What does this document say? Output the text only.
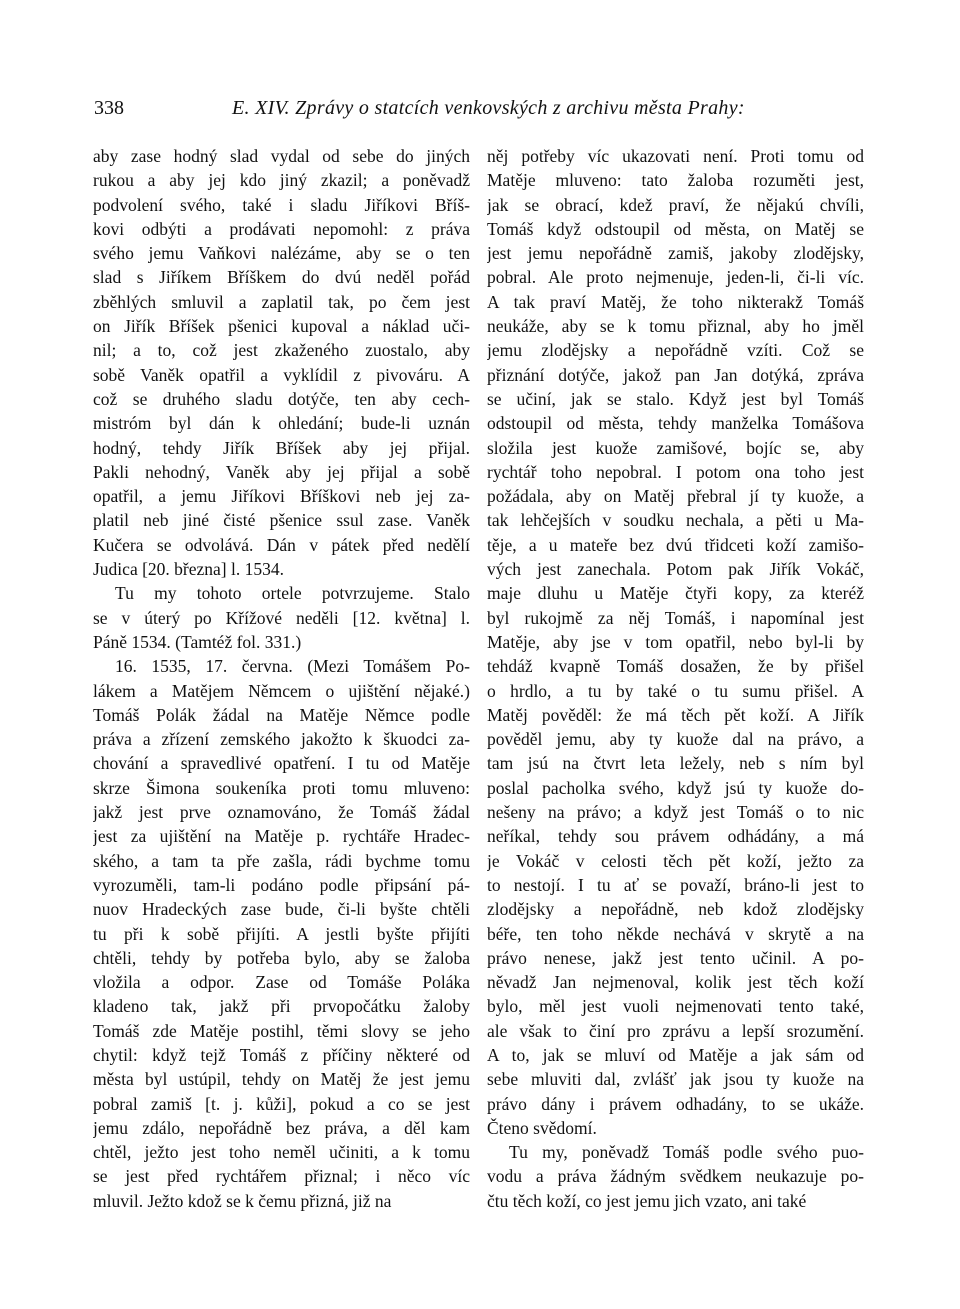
338	E. XIV. Zprávy o statcích venkovských z archivu města Prahy:
aby zase hodný slad vydal od sebe do jiných
rukou a aby jej kdo jiný zkazil; a poněvadž
podvolení svého, také i sladu Jiříkovi Bříš-
kovi odbýti a prodávati nepomohl: z práva
svého jemu Vaňkovi nalézáme, aby se o ten
slad s Jiříkem Bříškem do dvú neděl pořád
zběhlých smluvil a zaplatil tak, po čem jest
on Jiřík Bříšek pšenici kupoval a náklad uči-
nil; a to, což jest zkaženého zuostalo, aby
sobě Vaněk opatřil a vyklídil z pivováru. A
což se druhého sladu dotýče, ten aby cech-
mistróm byl dán k ohledání; bude-li uznán
hodný, tehdy Jiřík Bříšek aby jej přijal.
Pakli nehodný, Vaněk aby jej přijal a sobě
opatřil, a jemu Jiříkovi Bříškovi neb jej za-
platil neb jiné čisté pšenice ssul zase. Vaněk
Kučera se odvolává. Dán v pátek před nedělí
Judica [20. března] l. 1534.
Tu my tohoto ortele potvrzujeme. Stalo
se v úterý po Křížové neděli [12. května] l.
Páně 1534. (Tamtéž fol. 331.)
16. 1535, 17. června. (Mezi Tomášem Po-
lákem a Matějem Němcem o ujištění nějaké.)
Tomáš Polák žádal na Matěje Němce podle
práva a zřízení zemského jakožto k škuodci za-
chování a spravedlivé opatření. I tu od Matěje
skrze Šimona soukeníka proti tomu mluveno:
jakž jest prve oznamováno, že Tomáš žádal
jest za ujištění na Matěje p. rychtáře Hradec-
ského, a tam ta pře zašla, rádi bychme tomu
vyrozuměli, tam-li podáno podle připsání pá-
nuov Hradeckých zase bude, či-li byšte chtěli
tu při k sobě přijíti. A jestli byšte přijíti
chtěli, tehdy by potřeba bylo, aby se žaloba
vložila a odpor. Zase od Tomáše Poláka
kladeno tak, jakž při prvopočátku žaloby
Tomáš zde Matěje postihl, těmi slovy se jeho
chytil: když tejž Tomáš z příčiny některé od
města byl ustúpil, tehdy on Matěj že jest jemu
pobral zamiš [t. j. kůži], pokud a co se jest
jemu zdálo, nepořádně bez práva, a děl kam
chtěl, ježto jest toho neměl učiniti, a k tomu
se jest před rychtářem přiznal; i něco víc
mluvil. Ježto kdož se k čemu přizná, již na
něj potřeby víc ukazovati není. Proti tomu od
Matěje mluveno: tato žaloba rozuměti jest,
jak se obrací, kdež praví, že nějakú chvíli,
Tomáš když odstoupil od města, on Matěj se
jest jemu nepořádně zamiš, jakoby zlodějsky,
pobral. Ale proto nejmenuje, jeden-li, či-li víc.
A tak praví Matěj, že toho nikterakž Tomáš
neukáže, aby se k tomu přiznal, aby ho jměl
jemu zlodějsky a nepořádně vzíti. Což se
přiznání dotýče, jakož pan Jan dotýká, zpráva
se učiní, jak se stalo. Když jest byl Tomáš
odstoupil od města, tehdy manželka Tomášova
složila jest kuože zamišové, bojíc se, aby
rychtář toho nepobral. I potom ona toho jest
požádala, aby on Matěj přebral jí ty kuože, a
tak lehčejších v soudku nechala, a pěti u Ma-
těje, a u mateře bez dvú třidceti koží zamišo-
vých jest zanechala. Potom pak Jiřík Vokáč,
maje dluhu u Matěje čtyři kopy, za kteréž
byl rukojmě za něj Tomáš, i napomínal jest
Matěje, aby jse v tom opatřil, nebo byl-li by
tehdáž kvapně Tomáš dosažen, že by přišel
o hrdlo, a tu by také o tu sumu přišel. A
Matěj pověděl: že má těch pět koží. A Jiřík
pověděl jemu, aby ty kuože dal na právo, a
tam jsú na čtvrt leta ležely, neb s ním byl
poslal pacholka svého, když jsú ty kuože do-
nešeny na právo; a když jest Tomáš o to nic
neříkal, tehdy sou právem odhádány, a má
je Vokáč v celosti těch pět koží, ježto za
to nestojí. I tu ať se považí, bráno-li jest to
zlodějsky a nepořádně, neb kdož zlodějsky
béře, ten toho někde nechává v skrytě a na
právo nenese, jakž jest tento učinil. A po-
něvadž Jan nejmenoval, kolik jest těch koží
bylo, měl jest vuoli nejmenovati tento také,
ale však to činí pro zprávu a lepší srozumění.
A to, jak se mluví od Matěje a jak sám od
sebe mluviti dal, zvlášť jak jsou ty kuože na
právo dány i právem odhadány, to se ukáže.
Čteno svědomí.
Tu my, poněvadž Tomáš podle svého puo-
vodu a práva žádným svědkem neukazuje po-
čtu těch koží, co jest jemu jich vzato, ani také
